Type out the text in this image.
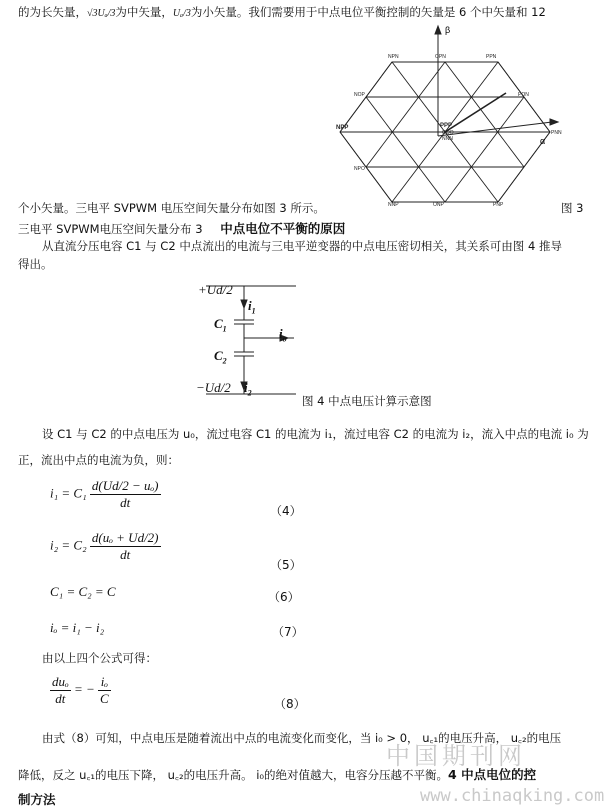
的为长矢量，√3Uₐ/3为中矢量，Uₐ/3为小矢量。我们需要用于中点电位平衡控制的矢量是 6 个中矢量和 12
β
α
OPN	PPN
NPN
NOP	PON
NPP	PPP
OOO
NNN
PNN
NPO
NNP	ONP	PNP
个小矢量。三电平 SVPWM 电压空间矢量分布如图 3 所示。	图 3
三电平 SVPWM电压空间矢量分布 3 中点电位不平衡的原因
从直流分压电容 C1 与 C2 中点流出的电流与三电平逆变器的中点电压密切相关，其关系可由图 4 推导
得出。
+Ud/2
$i_1$
$C_1$	$i_o$
$C_2$
−Ud/2 $i_2$
图 4 中点电压计算示意图
设 C1 与 C2 的中点电压为 u₀，流过电容 C1 的电流为 i₁，流过电容 C2 的电流为 i₂，流入中点的电流 i₀ 为
正，流出中点的电流为负，则：
$i_1 = C_1 \frac{\text{d(Ud/2 − uₒ)}}{dt}$	（4）
$i_2 = C_2 \frac{\text{d(uₒ + Ud/2)}}{dt}$
（5）
C₁ = C₂ = C	（6）
iₒ = i₁ − i₂	（7）
由以上四个公式可得：
$\frac{\text{duₒ}}{dt}$ = − $\frac{\text{iₒ}}{C}$	（8）
由式（8）可知，中点电压是随着流出中点的电流变化而变化，当 i₀ > 0， u꜀₁的电压升高， u꜀₂的电压
降低，反之 u꜀₁的电压下降， u꜀₂的电压升高。 i₀的绝对值越大，电容分压越不平衡。4 中点电位的控
制方法
中国期刊网
www.chinaqking.com
